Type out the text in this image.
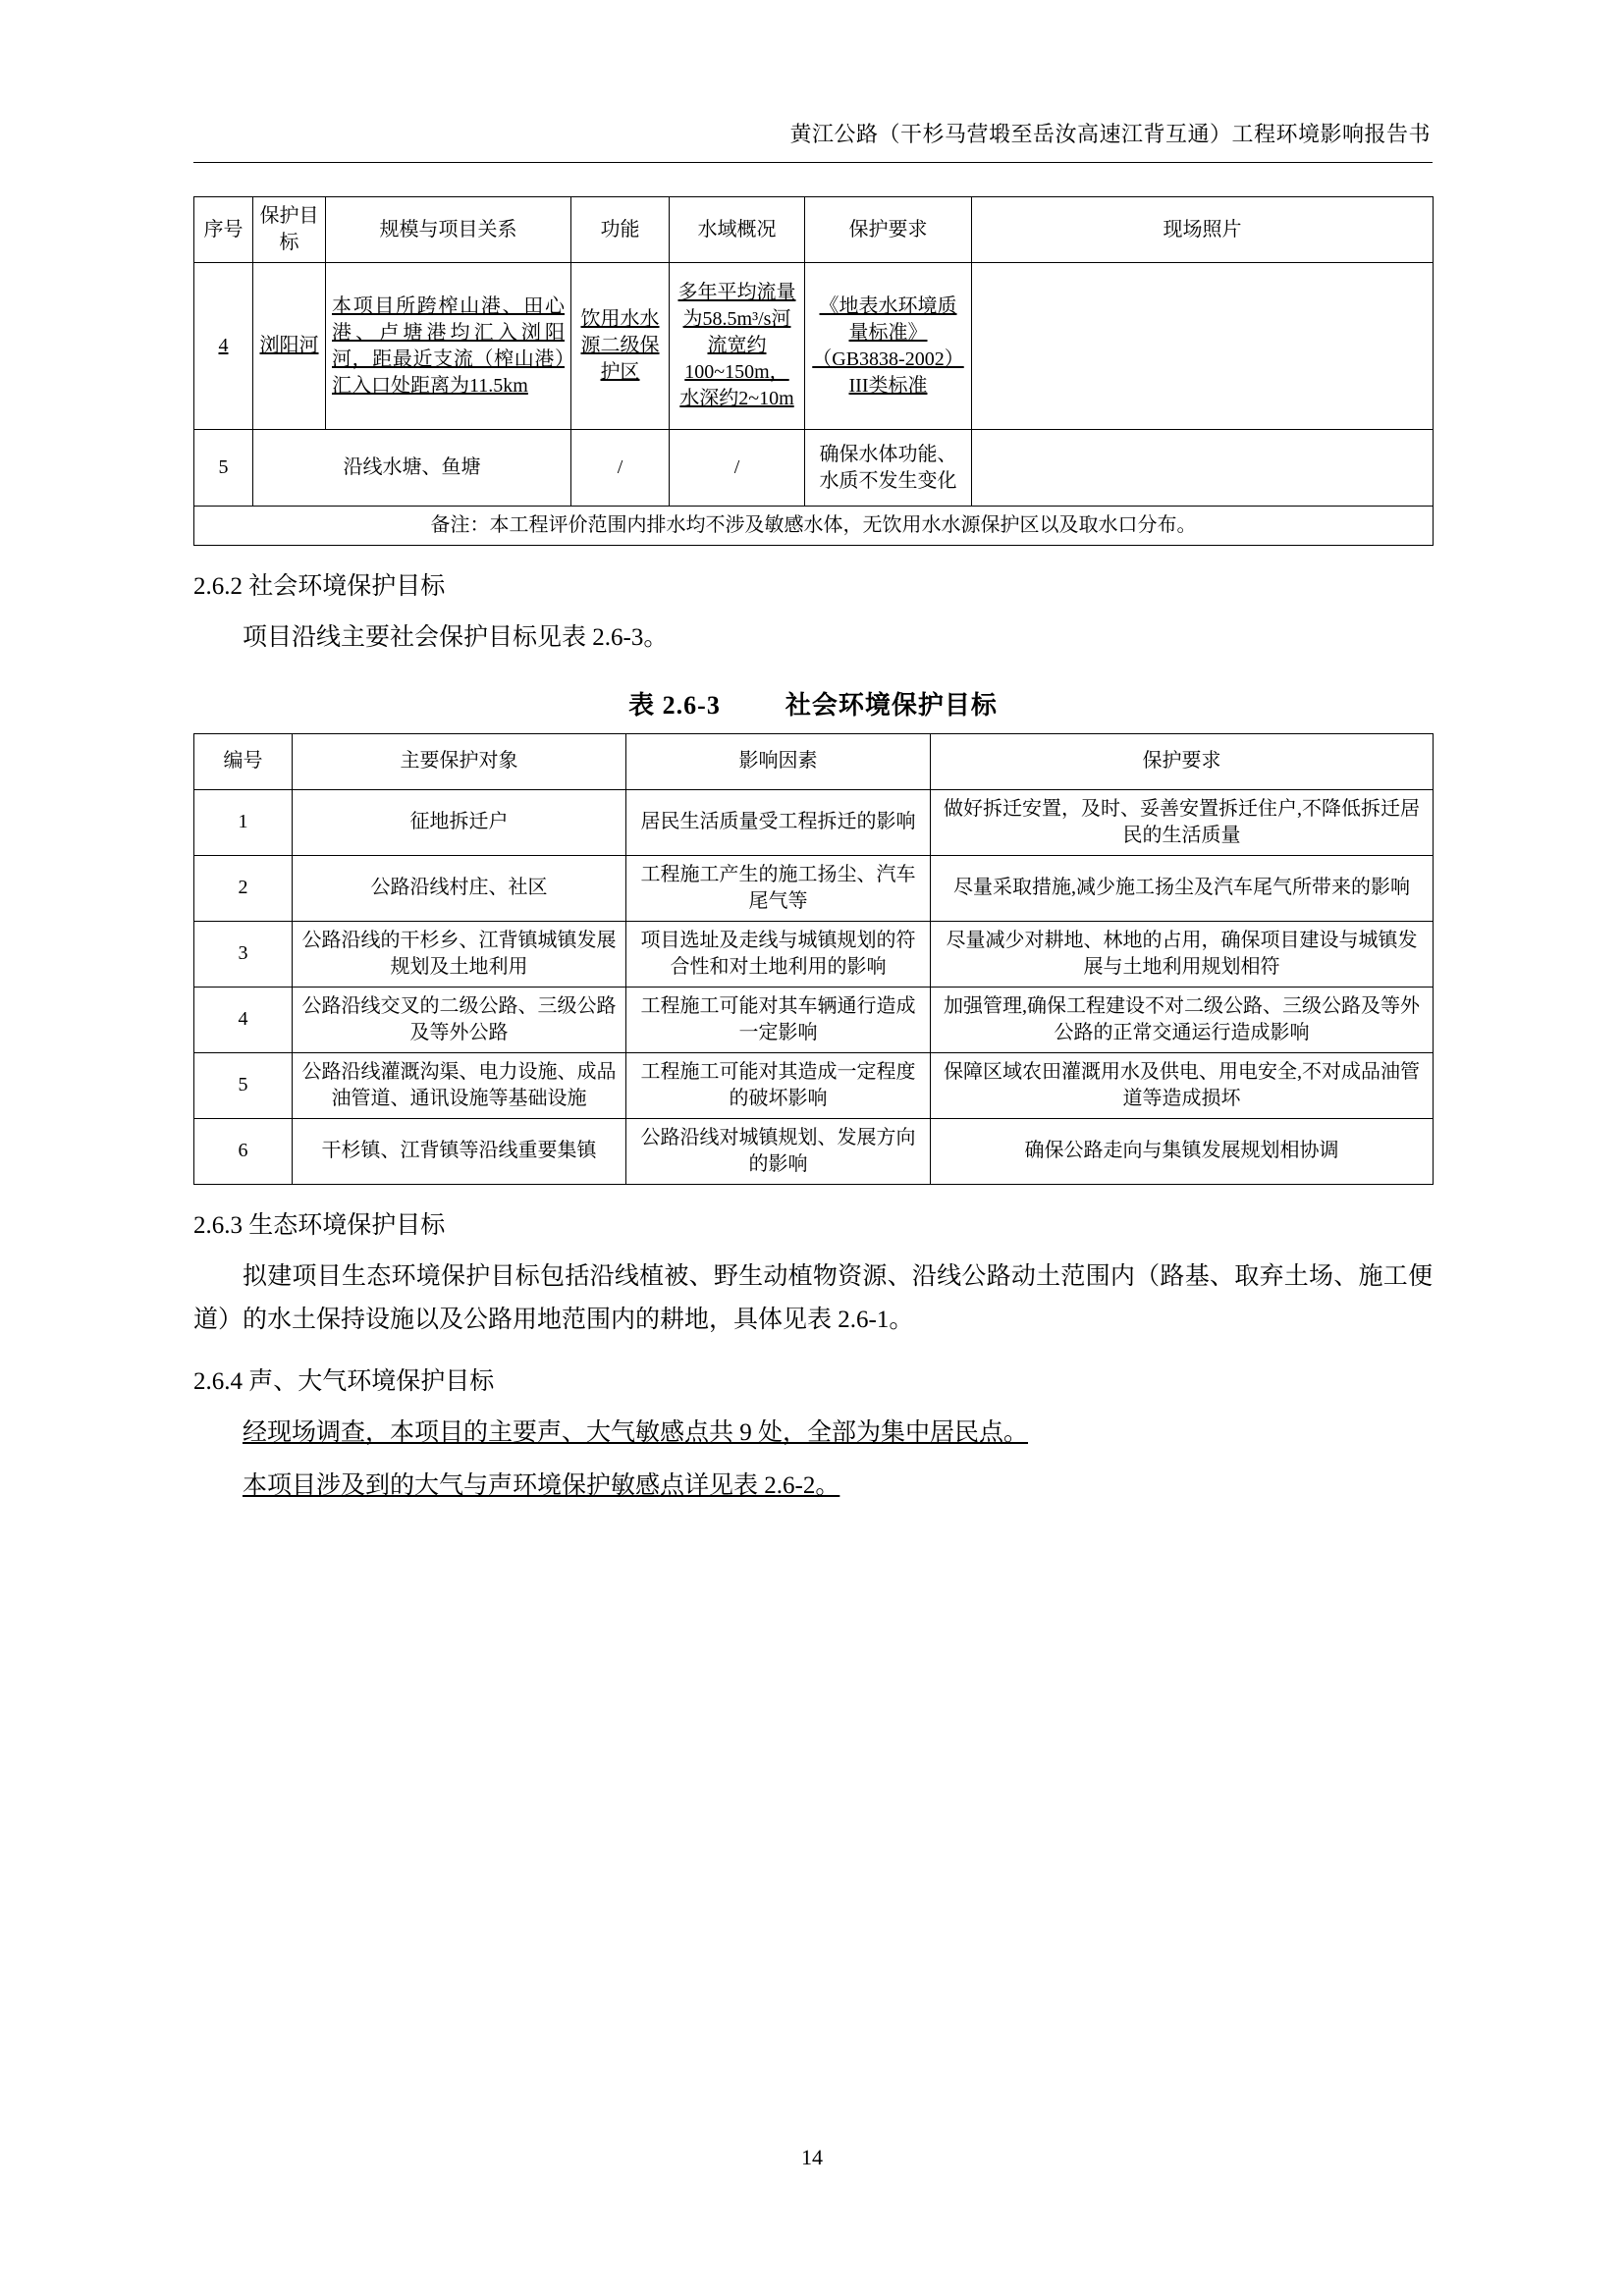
黄江公路（干杉马营塅至岳汝高速江背互通）工程环境影响报告书
序号	保护目标	规模与项目关系	功能	水域概况	保护要求	现场照片
4	浏阳河	本项目所跨榨山港、田心港、卢塘港均汇入浏阳河，距最近支流（榨山港）汇入口处距离为11.5km	饮用水水源二级保护区	多年平均流量为58.5m³/s河流宽约100~150m，水深约2~10m	《地表水环境质量标准》（GB3838-2002）III类标准	
5	沿线水塘、鱼塘		/	/	确保水体功能、水质不发生变化	
备注：本工程评价范围内排水均不涉及敏感水体，无饮用水水源保护区以及取水口分布。						
2.6.2 社会环境保护目标
项目沿线主要社会保护目标见表 2.6-3。
表 2.6-3	社会环境保护目标
编号	主要保护对象	影响因素	保护要求
1	征地拆迁户	居民生活质量受工程拆迁的影响	做好拆迁安置，及时、妥善安置拆迁住户,不降低拆迁居民的生活质量
2	公路沿线村庄、社区	工程施工产生的施工扬尘、汽车尾气等	尽量采取措施,减少施工扬尘及汽车尾气所带来的影响
3	公路沿线的干杉乡、江背镇城镇发展规划及土地利用	项目选址及走线与城镇规划的符合性和对土地利用的影响	尽量减少对耕地、林地的占用，确保项目建设与城镇发展与土地利用规划相符
4	公路沿线交叉的二级公路、三级公路及等外公路	工程施工可能对其车辆通行造成一定影响	加强管理,确保工程建设不对二级公路、三级公路及等外公路的正常交通运行造成影响
5	公路沿线灌溉沟渠、电力设施、成品油管道、通讯设施等基础设施	工程施工可能对其造成一定程度的破坏影响	保障区域农田灌溉用水及供电、用电安全,不对成品油管道等造成损坏
6	干杉镇、江背镇等沿线重要集镇	公路沿线对城镇规划、发展方向的影响	确保公路走向与集镇发展规划相协调
2.6.3 生态环境保护目标
拟建项目生态环境保护目标包括沿线植被、野生动植物资源、沿线公路动土范围内（路基、取弃土场、施工便道）的水土保持设施以及公路用地范围内的耕地，具体见表 2.6-1。
2.6.4 声、大气环境保护目标
经现场调查，本项目的主要声、大气敏感点共 9 处，全部为集中居民点。
本项目涉及到的大气与声环境保护敏感点详见表 2.6-2。
14
